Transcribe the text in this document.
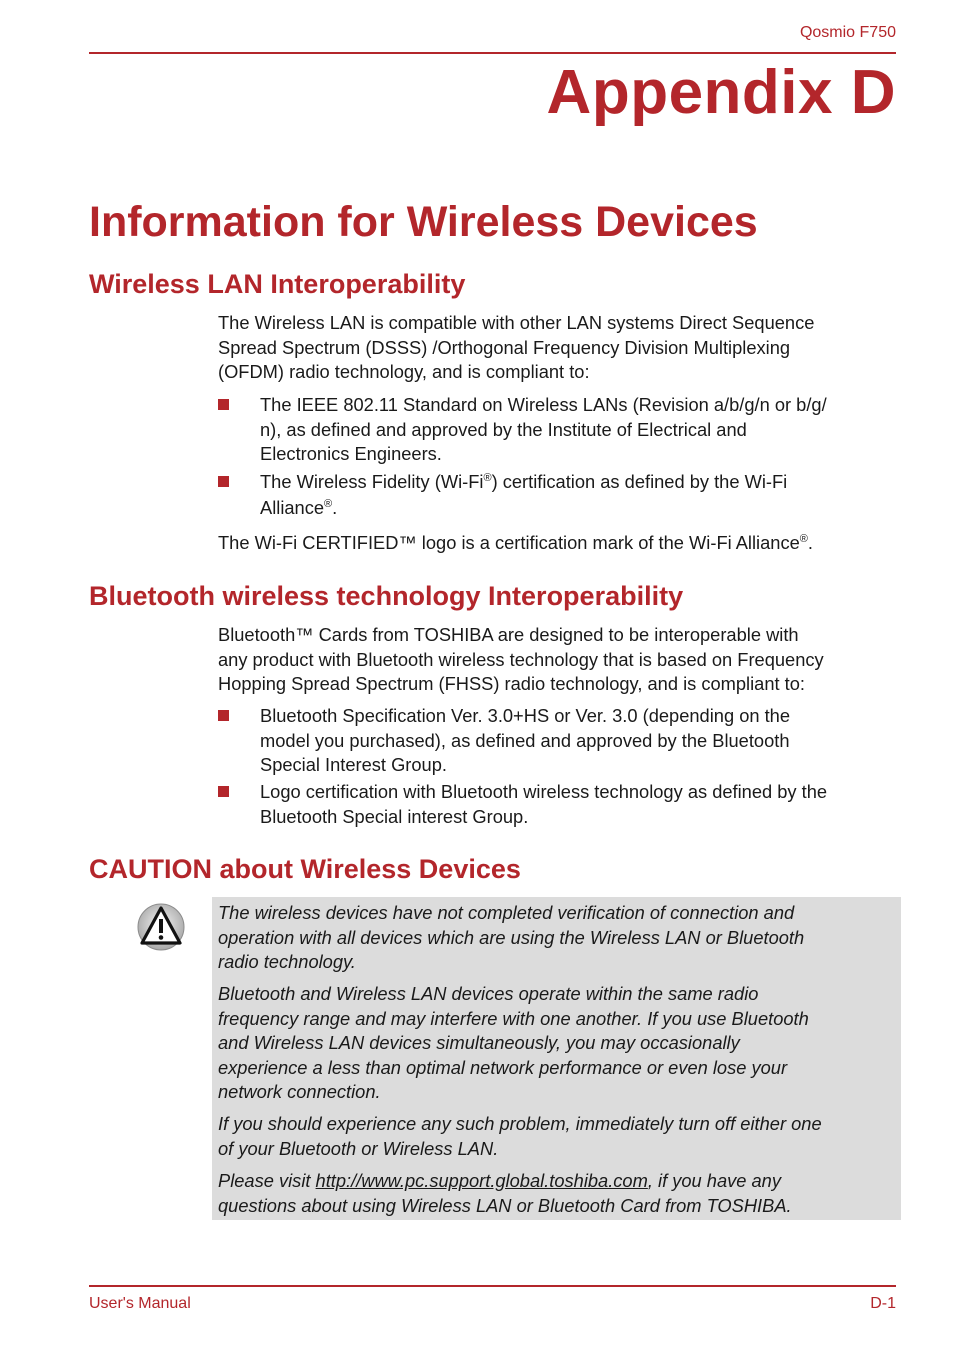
Qosmio F750
Appendix D
Information for Wireless Devices
Wireless LAN Interoperability
The Wireless LAN is compatible with other LAN systems Direct Sequence
Spread Spectrum (DSSS) /Orthogonal Frequency Division Multiplexing
(OFDM) radio technology, and is compliant to:
The IEEE 802.11 Standard on Wireless LANs (Revision a/b/g/n or b/g/
n), as defined and approved by the Institute of Electrical and
Electronics Engineers.
The Wireless Fidelity (Wi-Fi®) certification as defined by the Wi-Fi
Alliance®.
The Wi-Fi CERTIFIED™ logo is a certification mark of the Wi-Fi Alliance®.
Bluetooth wireless technology Interoperability
Bluetooth™ Cards from TOSHIBA are designed to be interoperable with
any product with Bluetooth wireless technology that is based on Frequency
Hopping Spread Spectrum (FHSS) radio technology, and is compliant to:
Bluetooth Specification Ver. 3.0+HS or Ver. 3.0 (depending on the
model you purchased), as defined and approved by the Bluetooth
Special Interest Group.
Logo certification with Bluetooth wireless technology as defined by the
Bluetooth Special interest Group.
CAUTION about Wireless Devices
The wireless devices have not completed verification of connection and
operation with all devices which are using the Wireless LAN or Bluetooth
radio technology.
Bluetooth and Wireless LAN devices operate within the same radio
frequency range and may interfere with one another. If you use Bluetooth
and Wireless LAN devices simultaneously, you may occasionally
experience a less than optimal network performance or even lose your
network connection.
If you should experience any such problem, immediately turn off either one
of your Bluetooth or Wireless LAN.
Please visit http://www.pc.support.global.toshiba.com, if you have any
questions about using Wireless LAN or Bluetooth Card from TOSHIBA.
User's Manual	D-1
